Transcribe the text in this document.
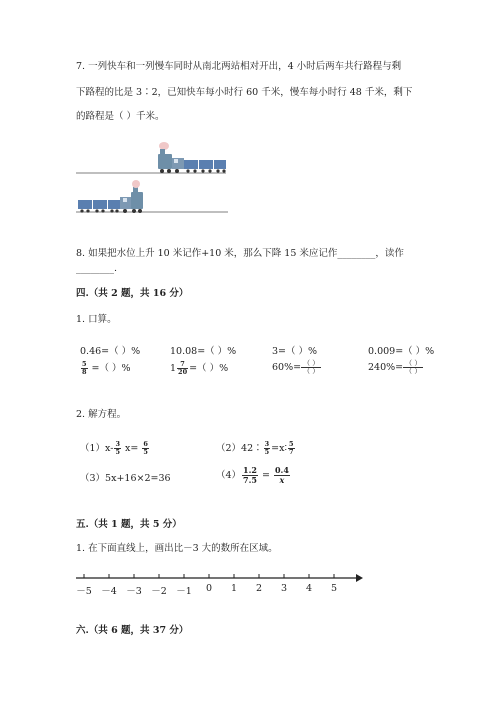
7. 一列快车和一列慢车同时从南北两站相对开出，4 小时后两车共行路程与剩
下路程的比是 3∶2，已知快车每小时行 60 千米，慢车每小时行 48 千米，剩下
的路程是（ ）千米。
8. 如果把水位上升 10 米记作+10 米，那么下降 15 米应记作________，读作
________.
四.（共 2 题，共 16 分）
1. 口算。
0.46=（ ）%	10.08=（ ）%	3=（ ）%	0.009=（ ）%
$\frac{5}{8}$ =（ ）%	$1 \frac{7}{20}$ =（ ）%	$60\%= \frac{( )}{( )}$	$240\%= \frac{( )}{( )}$
2. 解方程。
$(1)x- \frac{3}{5} x= \frac{6}{5}$	（2）42∶ $\frac{3}{5}$ =x∶ $\frac{5}{7}$
（3）5x+16×2=36	$(4) \frac{1.2}{7.5} = \frac{0.4}{x}$
五.（共 1 题，共 5 分）
1. 在下面直线上，画出比－3 大的数所在区域。
－5 －4 －3 －2 －1	0	1	2	3	4	5
六.（共 6 题，共 37 分）
